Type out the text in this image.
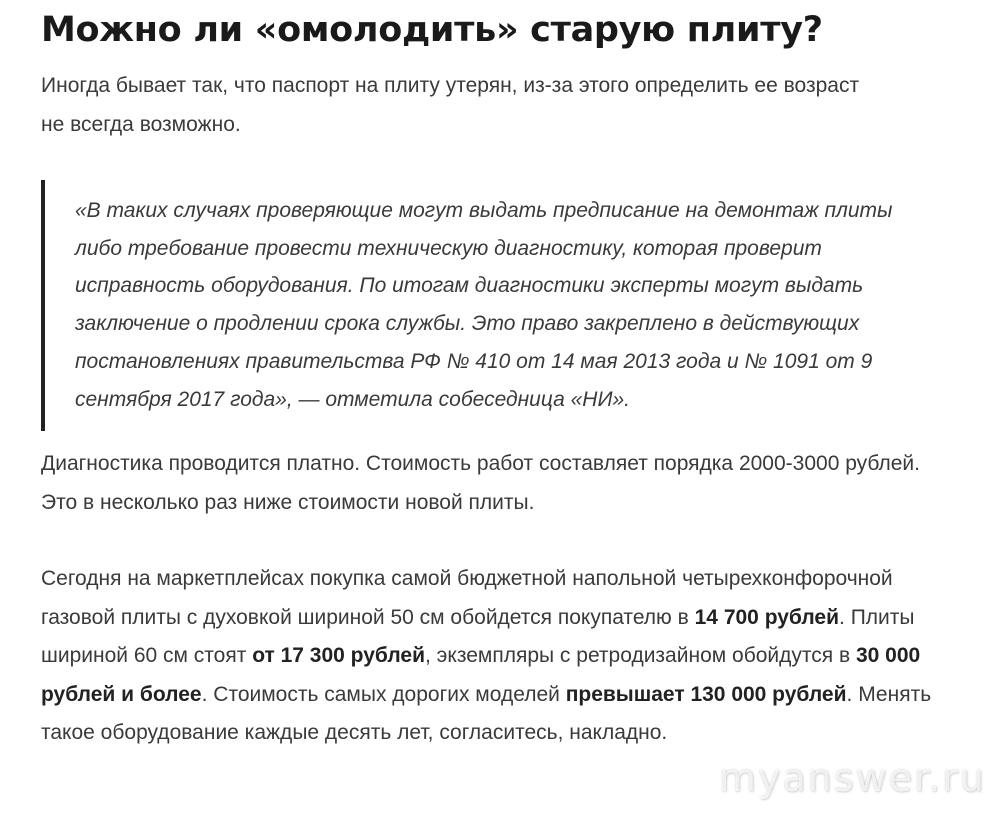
Можно ли «омолодить» старую плиту?

Иногда бывает так, что паспорт на плиту утерян, из-за этого определить ее возраст не всегда возможно.

«В таких случаях проверяющие могут выдать предписание на демонтаж плиты либо требование провести техническую диагностику, которая проверит исправность оборудования. По итогам диагностики эксперты могут выдать заключение о продлении срока службы. Это право закреплено в действующих постановлениях правительства РФ № 410 от 14 мая 2013 года и № 1091 от 9 сентября 2017 года», — отметила собеседница «НИ».

Диагностика проводится платно. Стоимость работ составляет порядка 2000-3000 рублей. Это в несколько раз ниже стоимости новой плиты.

Сегодня на маркетплейсах покупка самой бюджетной напольной четырехконфорочной газовой плиты с духовкой шириной 50 см обойдется покупателю в 14 700 рублей. Плиты шириной 60 см стоят от 17 300 рублей, экземпляры с ретродизайном обойдутся в 30 000 рублей и более. Стоимость самых дорогих моделей превышает 130 000 рублей. Менять такое оборудование каждые десять лет, согласитесь, накладно.

myanswer.ru
